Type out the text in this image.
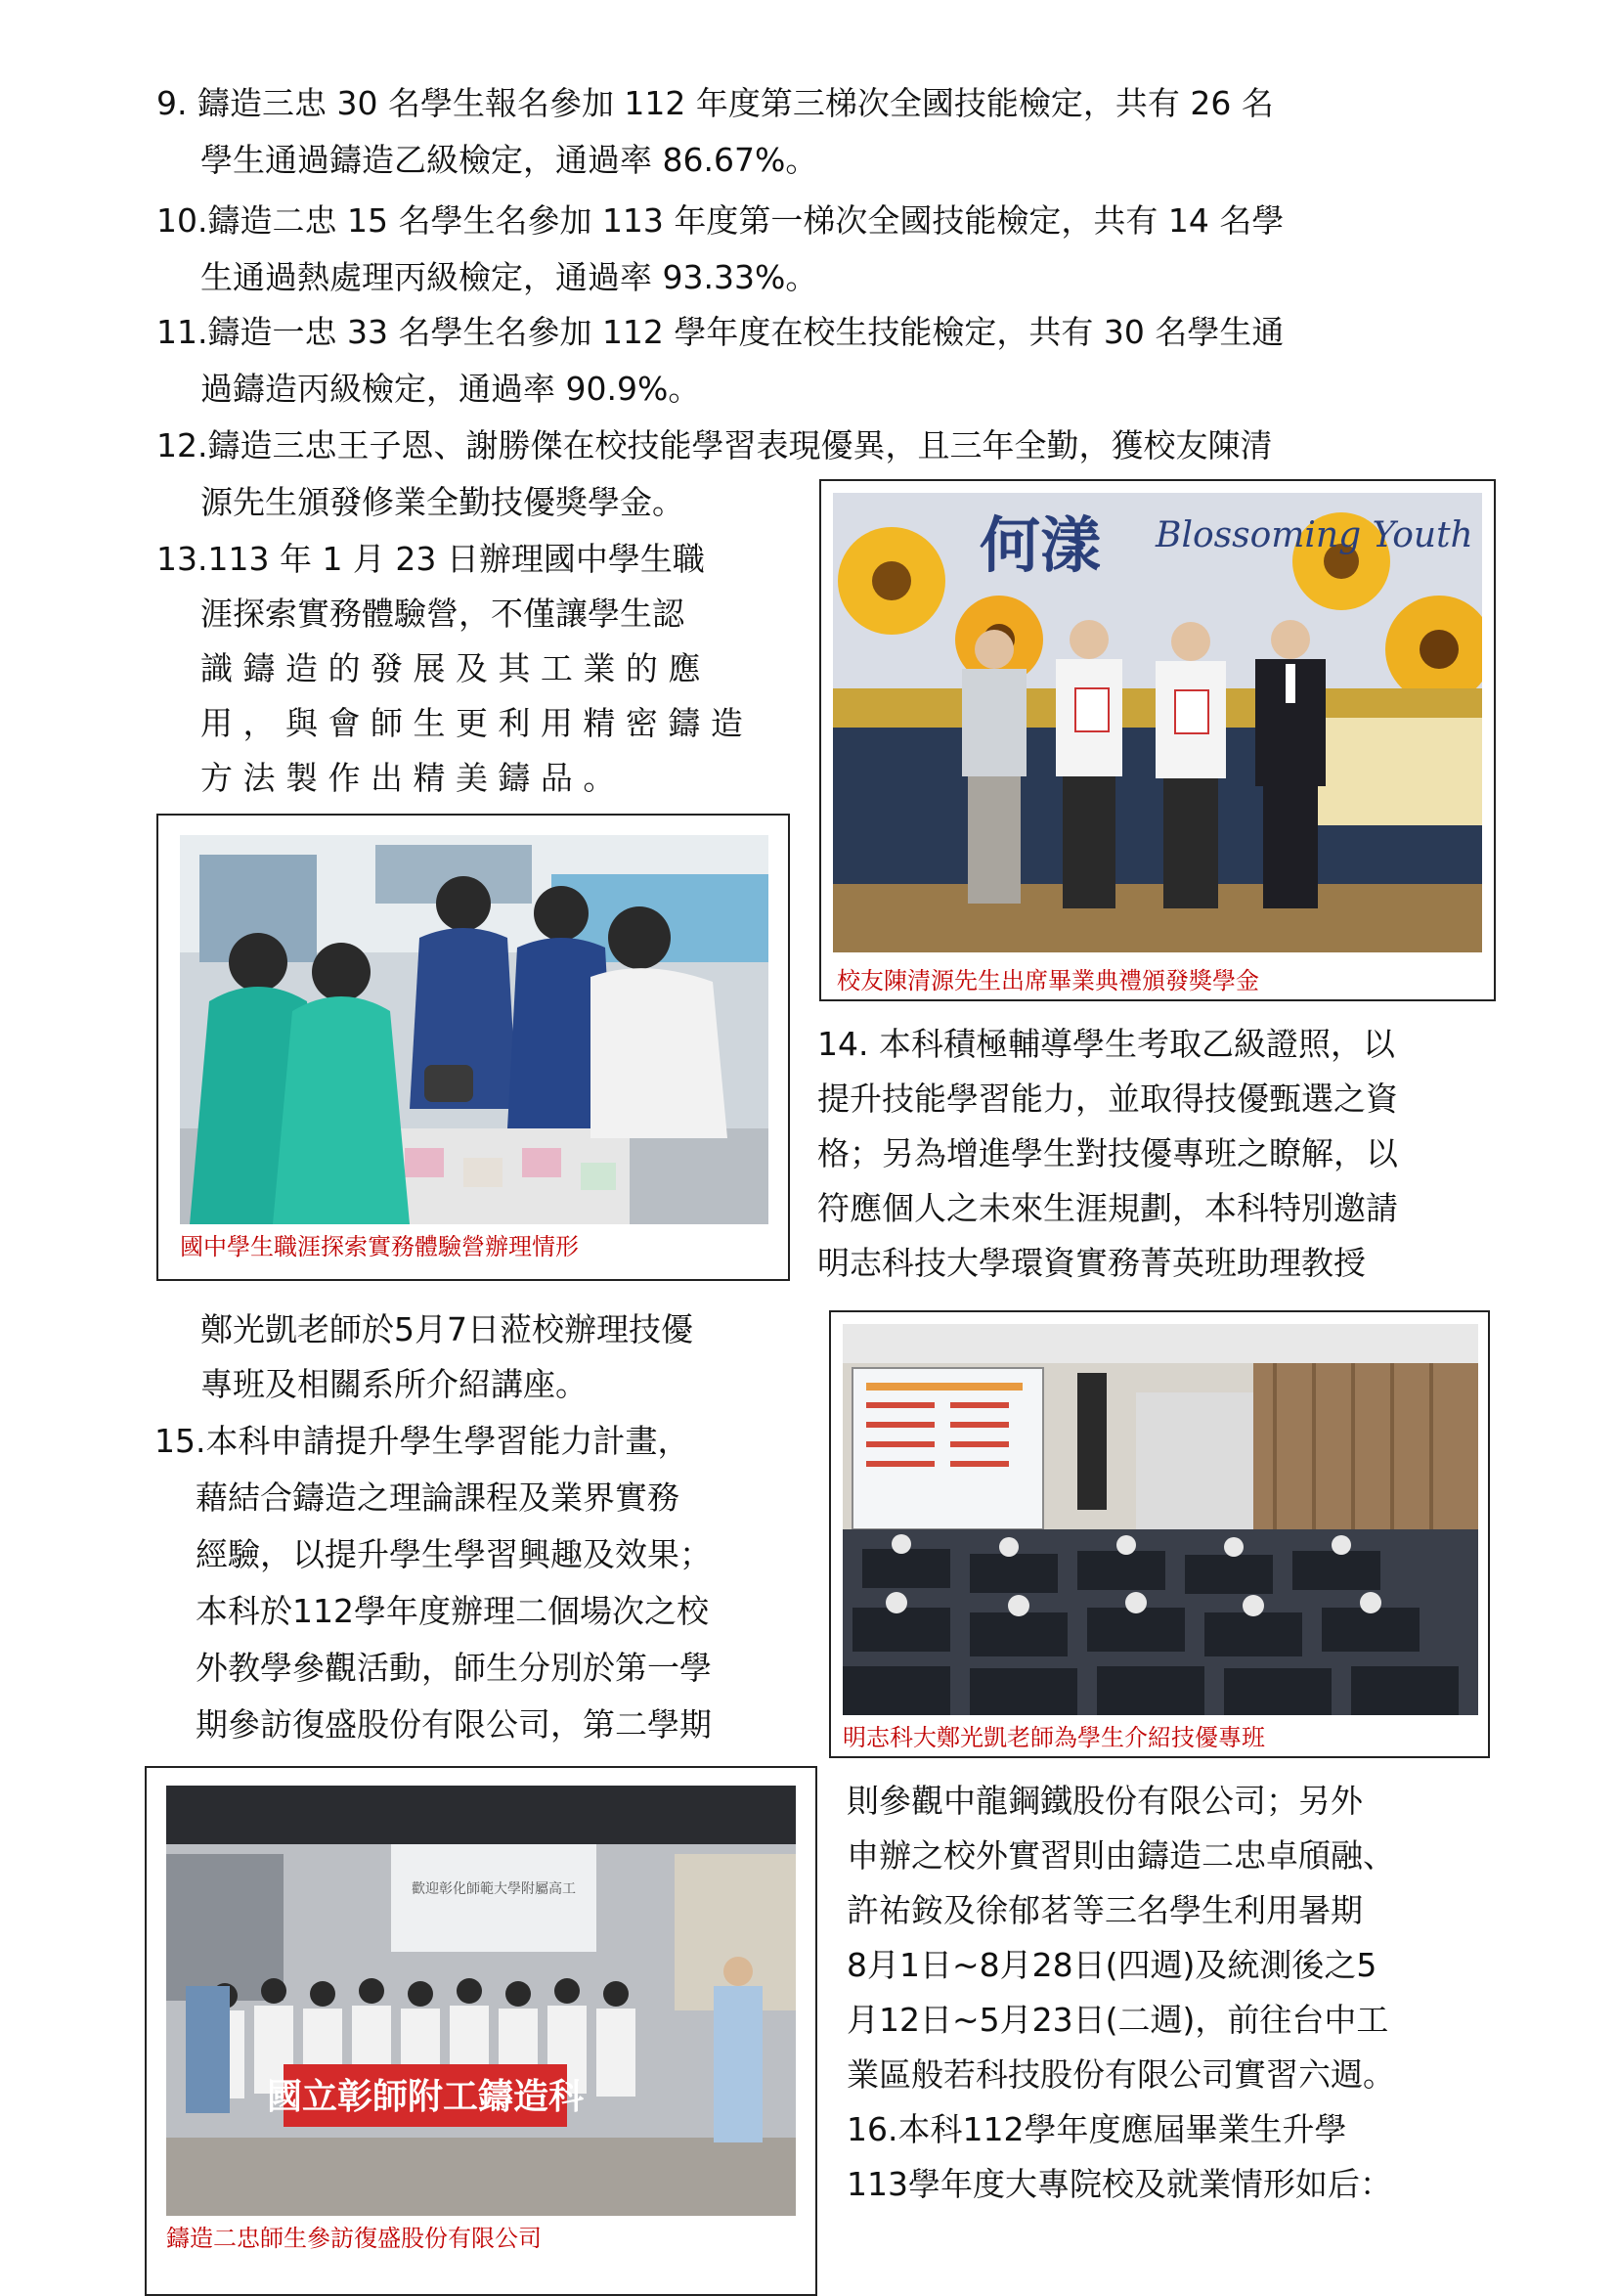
9. 鑄造三忠 30 名學生報名參加 112 年度第三梯次全國技能檢定，共有 26 名

學生通過鑄造乙級檢定，通過率 86.67%。

10.鑄造二忠 15 名學生名參加 113 年度第一梯次全國技能檢定，共有 14 名學

生通過熱處理丙級檢定，通過率 93.33%。

11.鑄造一忠 33 名學生名參加 112 學年度在校生技能檢定，共有 30 名學生通

過鑄造丙級檢定，通過率 90.9%。

12.鑄造三忠王子恩、謝勝傑在校技能學習表現優異，且三年全勤，獲校友陳清

源先生頒發修業全勤技優獎學金。

13.113 年 1 月 23 日辦理國中學生職

涯探索實務體驗營，不僅讓學生認

識 鑄 造 的 發 展 及 其 工 業 的 應

用 ， 與 會 師 生 更 利 用 精 密 鑄 造

方 法 製 作 出 精 美 鑄 品 。

何漾 Blossoming Youth
校友陳清源先生出席畢業典禮頒發獎學金
國中學生職涯探索實務體驗營辦理情形

14. 本科積極輔導學生考取乙級證照，以

提升技能學習能力，並取得技優甄選之資

格；另為增進學生對技優專班之瞭解，以

符應個人之未來生涯規劃，本科特別邀請

明志科技大學環資實務菁英班助理教授

鄭光凱老師於5月7日蒞校辦理技優

專班及相關系所介紹講座。

15.本科申請提升學生學習能力計畫，

藉結合鑄造之理論課程及業界實務

經驗，以提升學生學習興趣及效果；

本科於112學年度辦理二個場次之校

外教學參觀活動，師生分別於第一學

期參訪復盛股份有限公司，第二學期	明志科大鄭光凱老師為學生介紹技優專班
歡迎彰化師範大學附屬高工
國立彰師附工鑄造科
鑄造二忠師生參訪復盛股份有限公司

則參觀中龍鋼鐵股份有限公司；另外

申辦之校外實習則由鑄造二忠卓頎融、

許祐銨及徐郁茗等三名學生利用暑期

8月1日~8月28日(四週)及統測後之5

月12日~5月23日(二週)，前往台中工

業區般若科技股份有限公司實習六週。

16.本科112學年度應屆畢業生升學

113學年度大專院校及就業情形如后：
